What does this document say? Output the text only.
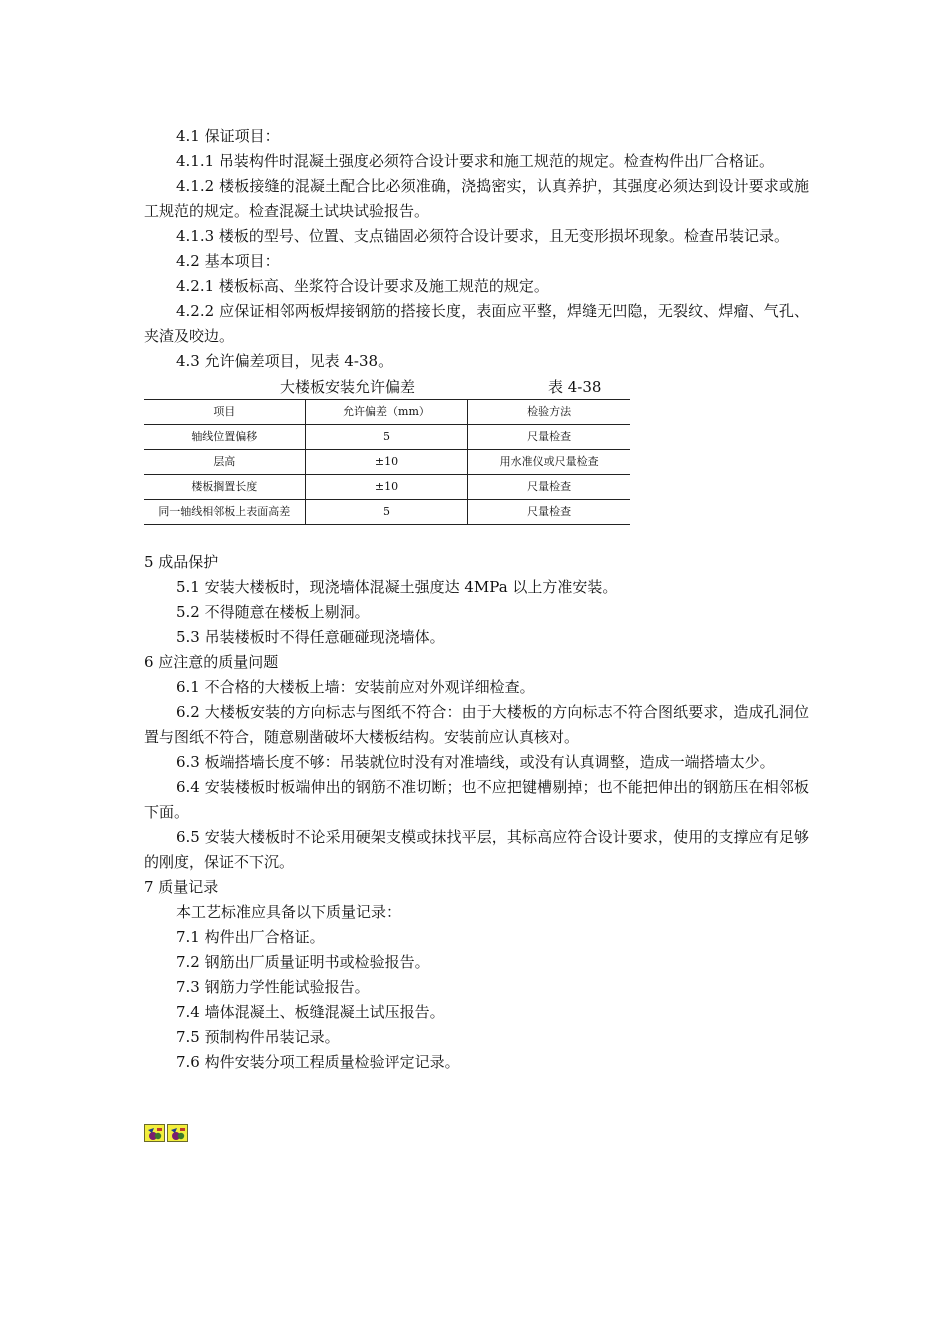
4.1 保证项目：

4.1.1 吊装构件时混凝土强度必须符合设计要求和施工规范的规定。检查构件出厂合格证。

4.1.2 楼板接缝的混凝土配合比必须准确，浇捣密实，认真养护，其强度必须达到设计要求或施工规范的规定。检查混凝土试块试验报告。

4.1.3 楼板的型号、位置、支点锚固必须符合设计要求，且无变形损坏现象。检查吊装记录。

4.2 基本项目：

4.2.1 楼板标高、坐浆符合设计要求及施工规范的规定。

4.2.2 应保证相邻两板焊接钢筋的搭接长度，表面应平整，焊缝无凹隐，无裂纹、焊瘤、气孔、夹渣及咬边。

4.3 允许偏差项目，见表 4-38。

大楼板安装允许偏差	表 4-38
项目	允许偏差（mm）	检验方法
轴线位置偏移	5	尺量检查
层高	±10	用水准仪或尺量检查
楼板搁置长度	±10	尺量检查
同一轴线相邻板上表面高差	5	尺量检查

5 成品保护

5.1 安装大楼板时，现浇墙体混凝土强度达 4MPa 以上方准安装。

5.2 不得随意在楼板上剔洞。

5.3 吊装楼板时不得任意砸碰现浇墙体。

6 应注意的质量问题

6.1 不合格的大楼板上墙：安装前应对外观详细检查。

6.2 大楼板安装的方向标志与图纸不符合：由于大楼板的方向标志不符合图纸要求，造成孔洞位置与图纸不符合，随意剔凿破坏大楼板结构。安装前应认真核对。

6.3 板端搭墙长度不够：吊装就位时没有对准墙线，或没有认真调整，造成一端搭墙太少。

6.4 安装楼板时板端伸出的钢筋不准切断；也不应把键槽剔掉；也不能把伸出的钢筋压在相邻板下面。

6.5 安装大楼板时不论采用硬架支模或抹找平层，其标高应符合设计要求，使用的支撑应有足够的刚度，保证不下沉。

7 质量记录

本工艺标准应具备以下质量记录：

7.1 构件出厂合格证。

7.2 钢筋出厂质量证明书或检验报告。

7.3 钢筋力学性能试验报告。

7.4 墙体混凝土、板缝混凝土试压报告。

7.5 预制构件吊装记录。

7.6 构件安装分项工程质量检验评定记录。
